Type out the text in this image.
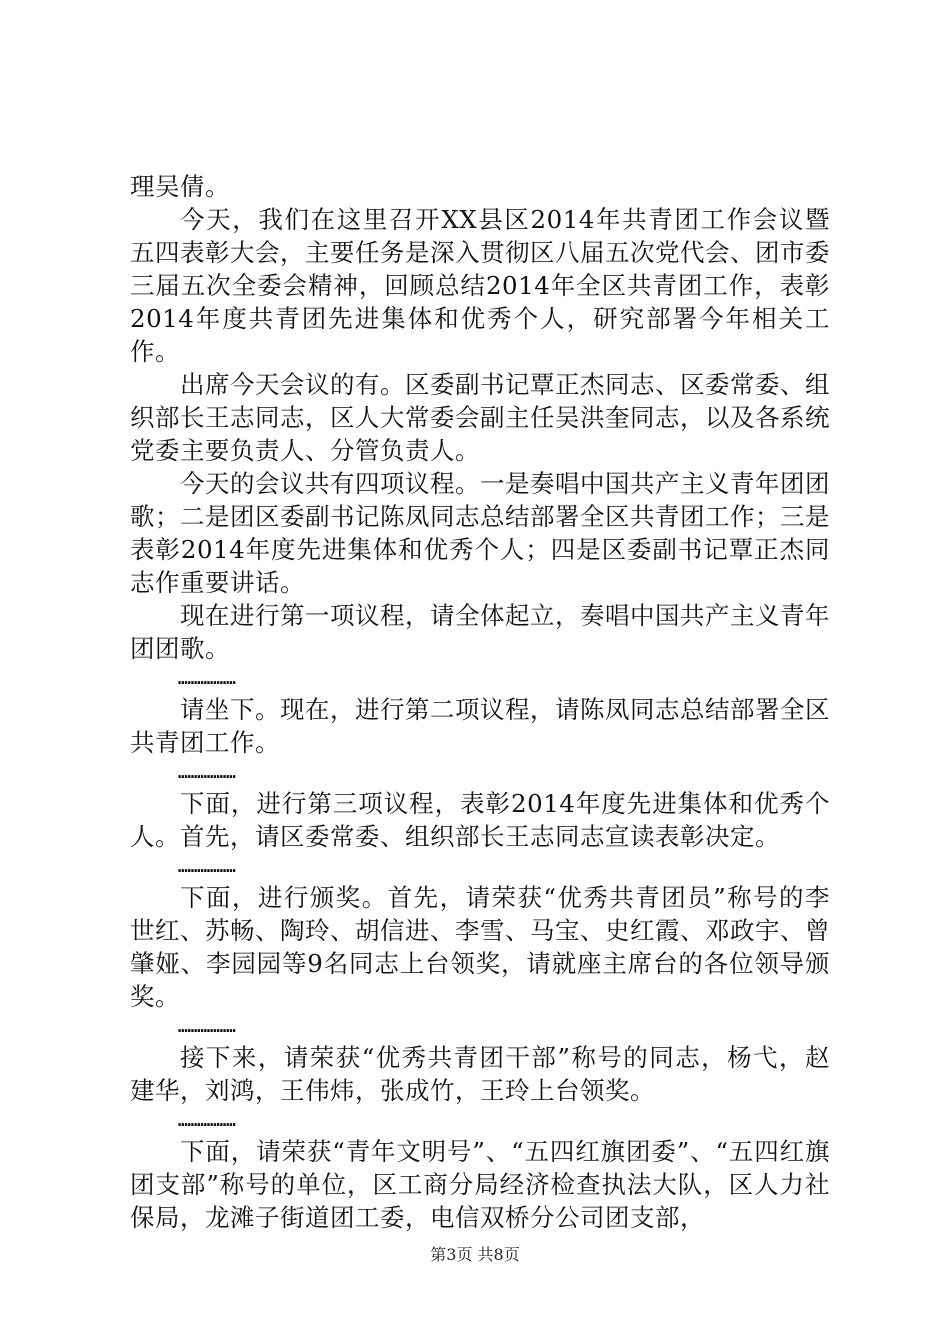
理吴倩。

今天，我们在这里召开XX县区2014年共青团工作会议暨五四表彰大会，主要任务是深入贯彻区八届五次党代会、团市委三届五次全委会精神，回顾总结2014年全区共青团工作，表彰2014年度共青团先进集体和优秀个人，研究部署今年相关工作。

出席今天会议的有。区委副书记覃正杰同志、区委常委、组织部长王志同志，区人大常委会副主任吴洪奎同志，以及各系统党委主要负责人、分管负责人。

今天的会议共有四项议程。一是奏唱中国共产主义青年团团歌；二是团区委副书记陈凤同志总结部署全区共青团工作；三是表彰2014年度先进集体和优秀个人；四是区委副书记覃正杰同志作重要讲话。

现在进行第一项议程，请全体起立，奏唱中国共产主义青年团团歌。

………………

请坐下。现在，进行第二项议程，请陈凤同志总结部署全区共青团工作。

………………

下面，进行第三项议程，表彰2014年度先进集体和优秀个人。首先，请区委常委、组织部长王志同志宣读表彰决定。

………………

下面，进行颁奖。首先，请荣获“优秀共青团员”称号的李世红、苏畅、陶玲、胡信进、李雪、马宝、史红霞、邓政宇、曾肇娅、李园园等9名同志上台领奖，请就座主席台的各位领导颁奖。

………………

接下来，请荣获“优秀共青团干部”称号的同志，杨弋，赵建华，刘鸿，王伟炜，张成竹，王玲上台领奖。

………………

下面，请荣获“青年文明号”、“五四红旗团委”、“五四红旗团支部”称号的单位，区工商分局经济检查执法大队，区人力社保局，龙滩子街道团工委，电信双桥分公司团支部，

第3页 共8页
